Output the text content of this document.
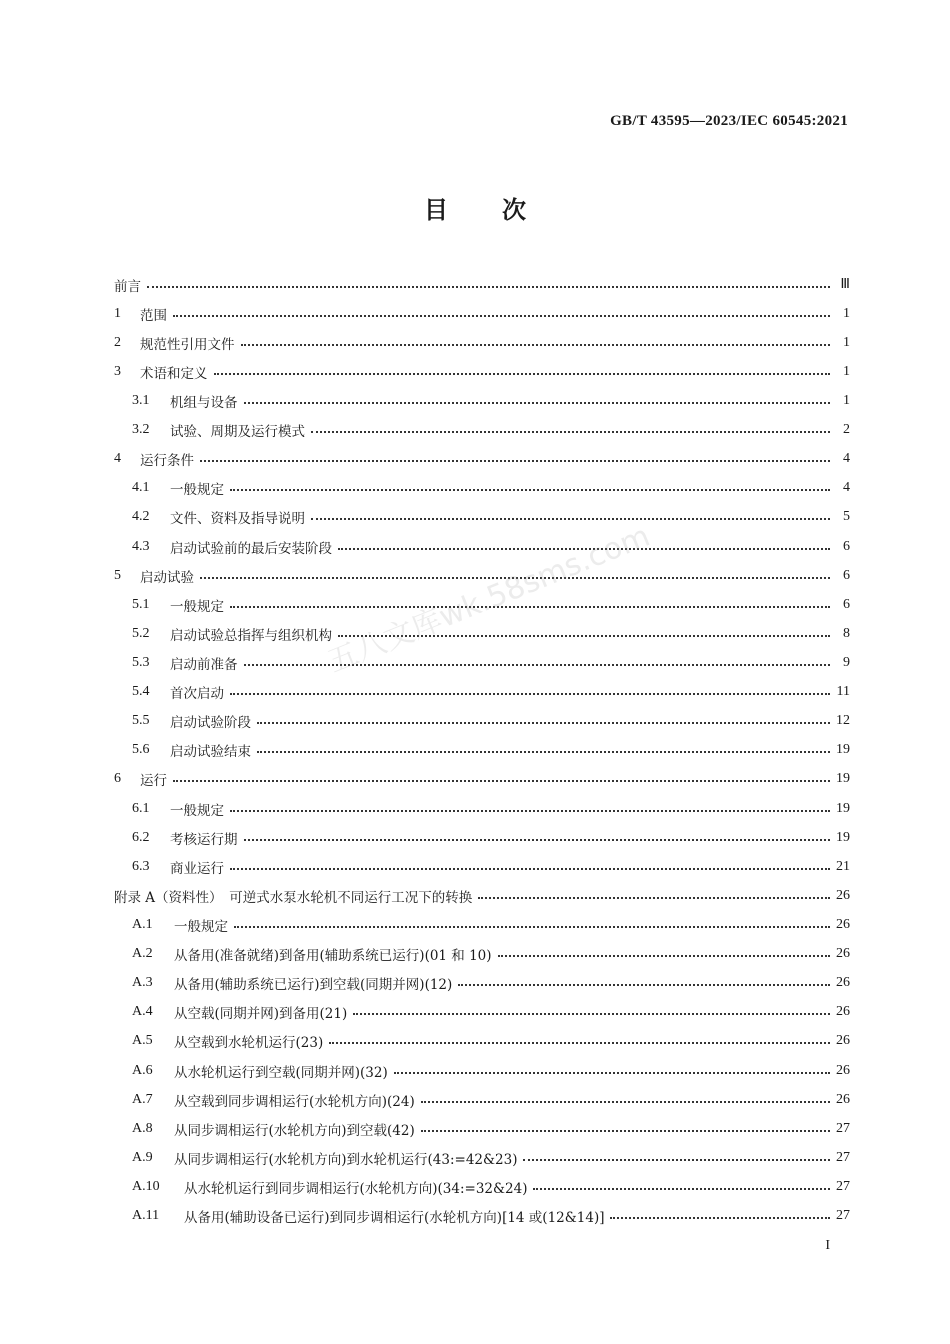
GB/T 43595—2023/IEC 60545:2021
目 次
前言	Ⅲ
1	范围	1
2	规范性引用文件	1
3	术语和定义	1
3.1	机组与设备	1
3.2	试验、周期及运行模式	2
4	运行条件	4
4.1	一般规定	4
4.2	文件、资料及指导说明	5
4.3	启动试验前的最后安装阶段	6
5	启动试验	6
5.1	一般规定	6
5.2	启动试验总指挥与组织机构	8
5.3	启动前准备	9
5.4	首次启动	11
5.5	启动试验阶段	12
5.6	启动试验结束	19
6	运行	19
6.1	一般规定	19
6.2	考核运行期	19
6.3	商业运行	21
附录 A（资料性）　可逆式水泵水轮机不同运行工况下的转换	26
A.1	一般规定	26
A.2	从备用(准备就绪)到备用(辅助系统已运行)(01 和 10)	26
A.3	从备用(辅助系统已运行)到空载(同期并网)(12)	26
A.4	从空载(同期并网)到备用(21)	26
A.5	从空载到水轮机运行(23)	26
A.6	从水轮机运行到空载(同期并网)(32)	26
A.7	从空载到同步调相运行(水轮机方向)(24)	26
A.8	从同步调相运行(水轮机方向)到空载(42)	27
A.9	从同步调相运行(水轮机方向)到水轮机运行(43:=42&23)	27
A.10	从水轮机运行到同步调相运行(水轮机方向)(34:=32&24)	27
A.11	从备用(辅助设备已运行)到同步调相运行(水轮机方向)[14 或(12&14)]	27
五八文库wk.58sms.com
I
